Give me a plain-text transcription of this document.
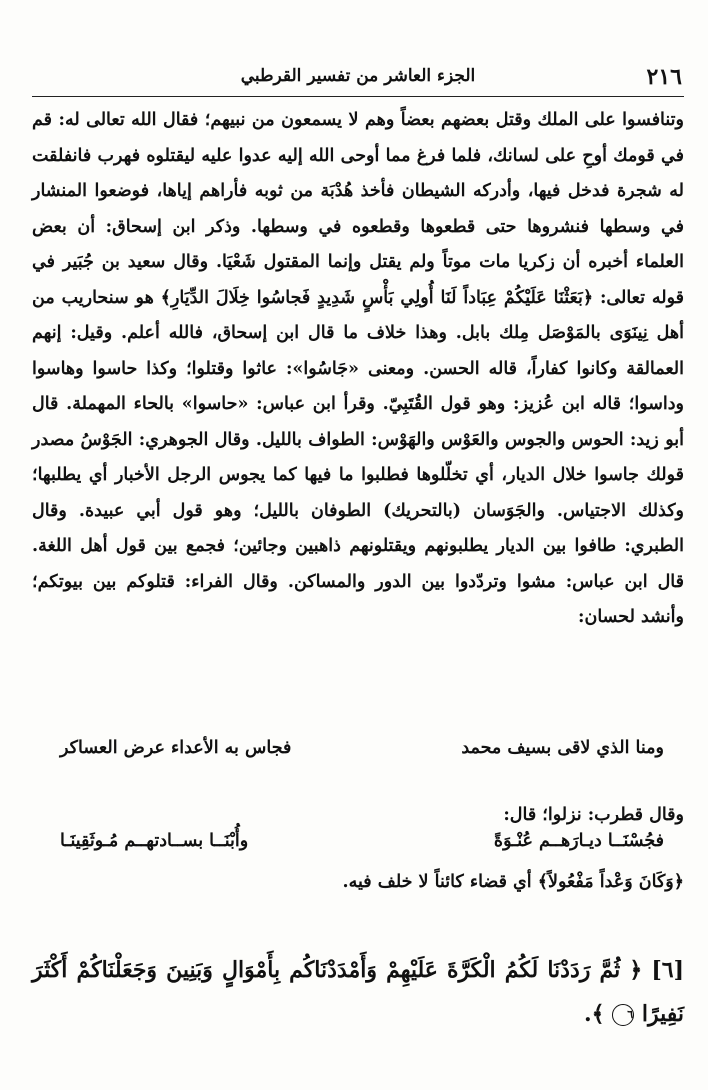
٢١٦
الجزء العاشر من تفسير القرطبي

وتنافسوا على الملك وقتل بعضهم بعضاً وهم لا يسمعون من نبيهم؛ فقال الله تعالى له: قم في قومك أوحِ على لسانك، فلما فرغ مما أوحى الله إليه عدوا عليه ليقتلوه فهرب فانفلقت له شجرة فدخل فيها، وأدركه الشيطان فأخذ هُدْبَة من ثوبه فأراهم إياها، فوضعوا المنشار في وسطها فنشروها حتى قطعوها وقطعوه في وسطها. وذكر ابن إسحاق: أن بعض العلماء أخبره أن زكريا مات موتاً ولم يقتل وإنما المقتول شَعْيَا. وقال سعيد بن جُبَير في قوله تعالى: ﴿بَعَثْنَا عَلَيْكُمْ عِبَاداً لَنَا أُولِي بَأْسٍ شَدِيدٍ فَجاسُوا خِلَالَ الدِّيَارِ﴾ هو سنحاريب من أهل نِينَوَى بالمَوْصَل مِلك بابل. وهذا خلاف ما قال ابن إسحاق، فالله أعلم. وقيل: إنهم العمالقة وكانوا كفاراً، قاله الحسن. ومعنى «جَاسُوا»: عاثوا وقتلوا؛ وكذا حاسوا وهاسوا وداسوا؛ قاله ابن عُزيز: وهو قول القُتَبِيّ. وقرأ ابن عباس: «حاسوا» بالحاء المهملة. قال أبو زيد: الحوس والجوس والعَوْس والهَوْس: الطواف بالليل. وقال الجوهري: الجَوْسُ مصدر قولك جاسوا خلال الديار، أي تخلّلوها فطلبوا ما فيها كما يجوس الرجل الأخبار أي يطلبها؛ وكذلك الاجتياس. والجَوَسان (بالتحريك) الطوفان بالليل؛ وهو قول أبي عبيدة. وقال الطبري: طافوا بين الديار يطلبونهم ويقتلونهم ذاهبين وجائين؛ فجمع بين قول أهل اللغة. قال ابن عباس: مشوا وتردّدوا بين الدور والمساكن. وقال الفراء: قتلوكم بين بيوتكم؛ وأنشد لحسان:

ومنا الذي لاقى بسيف محمد
فجاس به الأعداء عرض العساكر
وقال قطرب: نزلوا؛ قال:
فجُسْنَــا ديـارَهــم عُنْـوَةً
وأُبْنَــا بســادتهــم مُـوثَقِينَـا
﴿وَكَانَ وَعْداً مَفْعُولاً﴾ أي قضاء كائناً لا خلف فيه.
[٦] ﴿ ثُمَّ رَدَدْنَا لَكُمُ الْكَرَّةَ عَلَيْهِمْ وَأَمْدَدْنَاكُم بِأَمْوَالٍ وَبَنِينَ وَجَعَلْنَاكُمْ أَكْثَرَ نَفِيرًا ٦ ﴾.
